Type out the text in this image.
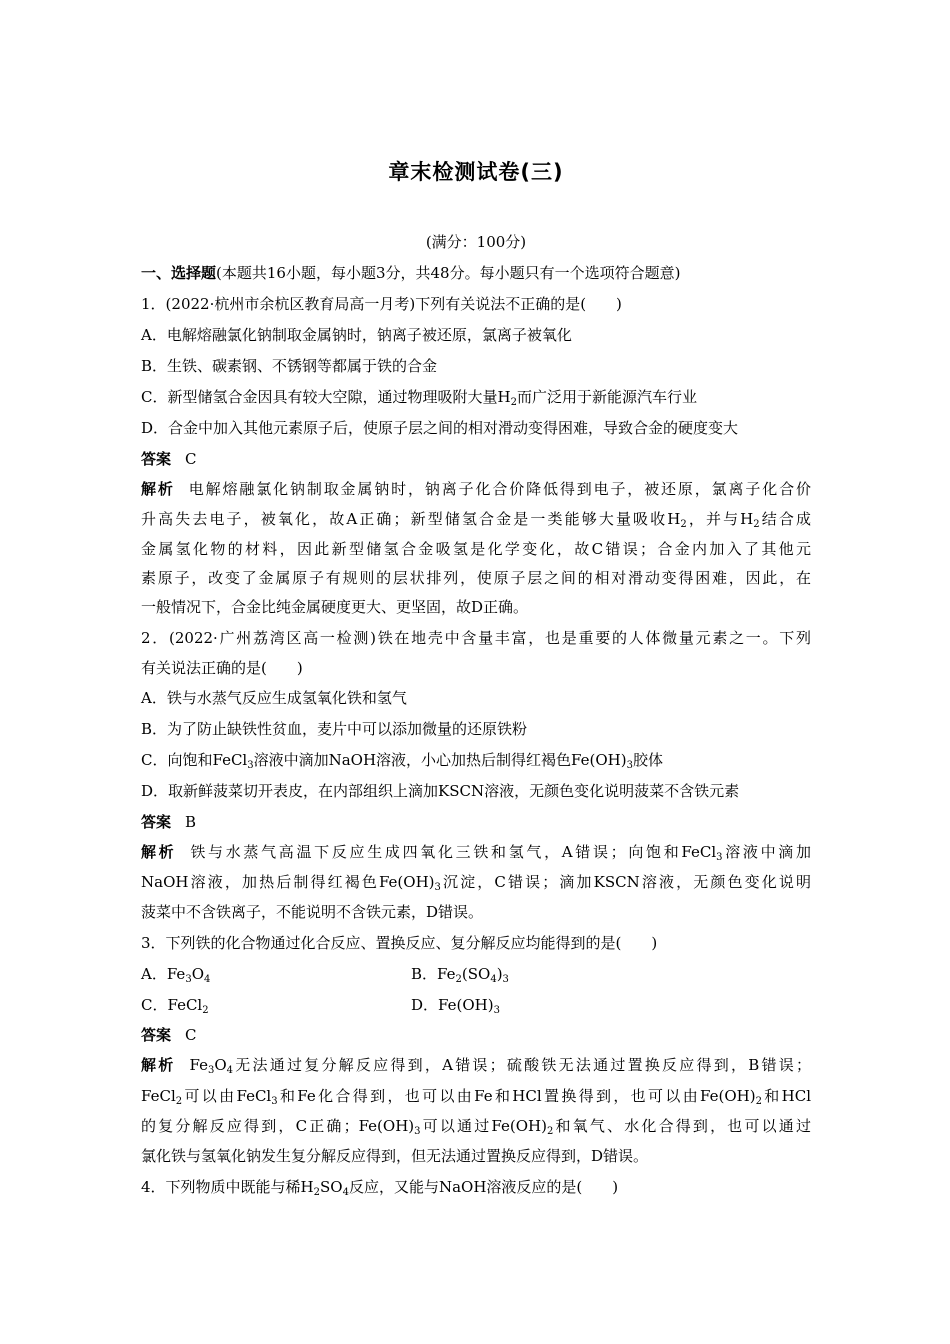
章末检测试卷(三)
(满分：100分)
一、选择题(本题共16小题，每小题3分，共48分。每小题只有一个选项符合题意)
1．(2022·杭州市余杭区教育局高一月考)下列有关说法不正确的是(　　)
A．电解熔融氯化钠制取金属钠时，钠离子被还原，氯离子被氧化
B．生铁、碳素钢、不锈钢等都属于铁的合金
C．新型储氢合金因具有较大空隙，通过物理吸附大量$H_2$而广泛用于新能源汽车行业
D．合金中加入其他元素原子后，使原子层之间的相对滑动变得困难，导致合金的硬度变大
答案 C
解析 电解熔融氯化钠制取金属钠时，钠离子化合价降低得到电子，被还原，氯离子化合价
升高失去电子，被氧化，故A正确；新型储氢合金是一类能够大量吸收$H_2$，并与$H_2$结合成
金属氢化物的材料，因此新型储氢合金吸氢是化学变化，故C错误；合金内加入了其他元
素原子，改变了金属原子有规则的层状排列，使原子层之间的相对滑动变得困难，因此，在
一般情况下，合金比纯金属硬度更大、更坚固，故D正确。
2．(2022·广州荔湾区高一检测)铁在地壳中含量丰富，也是重要的人体微量元素之一。下列
有关说法正确的是(　　)
A．铁与水蒸气反应生成氢氧化铁和氢气
B．为了防止缺铁性贫血，麦片中可以添加微量的还原铁粉
C．向饱和FeCl$_3$溶液中滴加NaOH溶液，小心加热后制得红褐色$Fe(OH)_3$胶体
D．取新鲜菠菜切开表皮，在内部组织上滴加KSCN溶液，无颜色变化说明菠菜不含铁元素
答案 B
解析 铁与水蒸气高温下反应生成四氧化三铁和氢气，A错误；向饱和FeCl$_3$溶液中滴加
NaOH溶液，加热后制得红褐色$Fe(OH)_3$沉淀，C错误；滴加KSCN溶液，无颜色变化说明
菠菜中不含铁离子，不能说明不含铁元素，D错误。
3．下列铁的化合物通过化合反应、置换反应、复分解反应均能得到的是(　　)
A．$Fe_3O_4$	B．$Fe_2(SO_4)_3$
C．FeCl$_2$	D．$Fe(OH)_3$
答案 C
解析 $Fe_3O_4$无法通过复分解反应得到，A错误；硫酸铁无法通过置换反应得到，B错误；
FeCl$_2$可以由FeCl$_3$和Fe化合得到，也可以由Fe和HCl置换得到，也可以由$Fe(OH)_2$和HCl
的复分解反应得到，C正确；$Fe(OH)_3$可以通过$Fe(OH)_2$和氧气、水化合得到，也可以通过
氯化铁与氢氧化钠发生复分解反应得到，但无法通过置换反应得到，D错误。
4．下列物质中既能与稀$H_2SO_4$反应，又能与NaOH溶液反应的是(　　)
